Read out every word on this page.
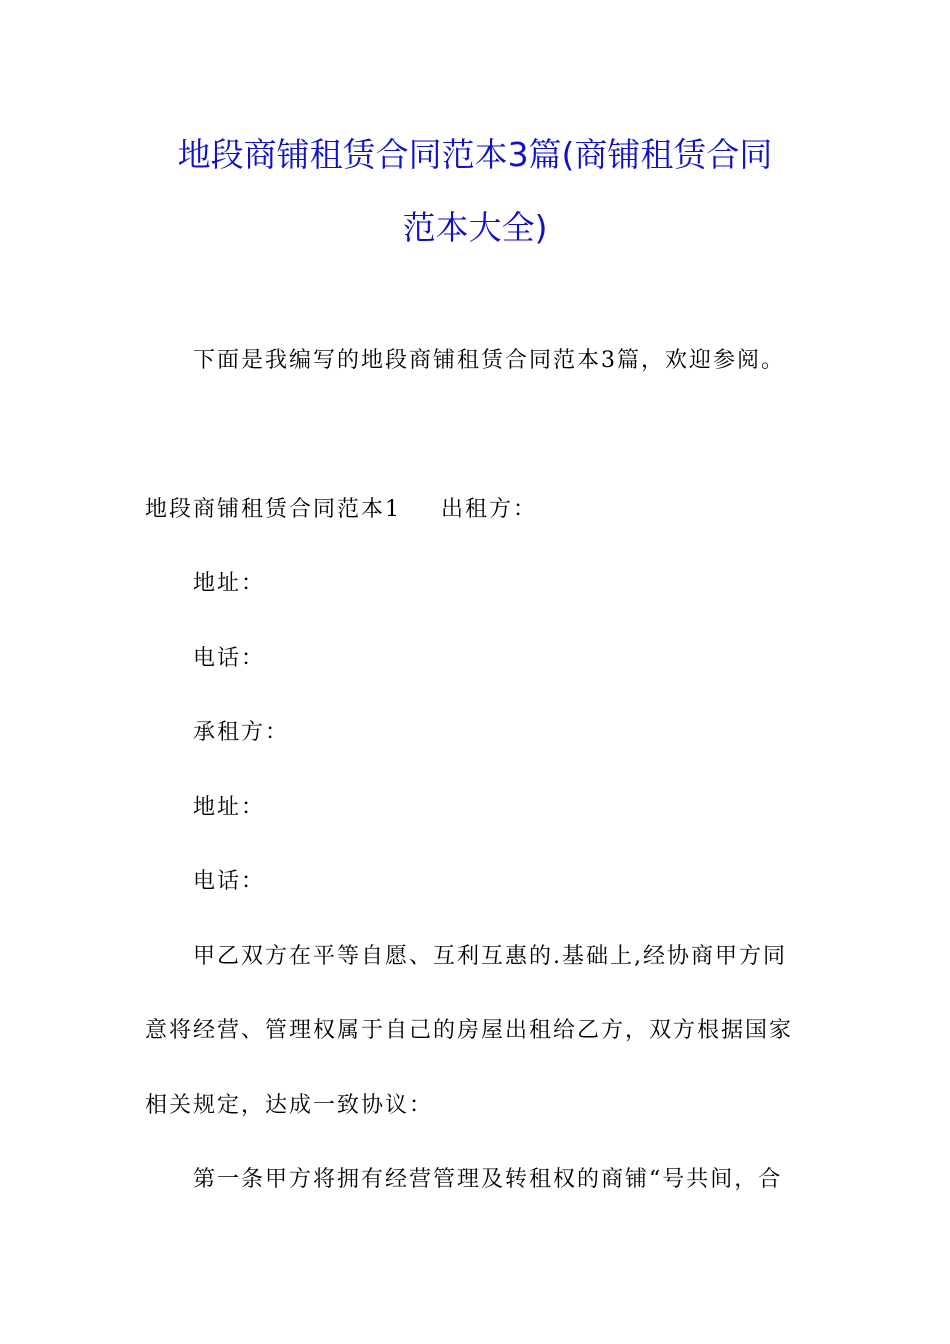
地段商铺租赁合同范本3篇(商铺租赁合同
范本大全)
下面是我编写的地段商铺租赁合同范本3篇，欢迎参阅。
地段商铺租赁合同范本1 出租方：
地址：
电话：
承租方：
地址：
电话：
甲乙双方在平等自愿、互利互惠的.基础上,经协商甲方同
意将经营、管理权属于自己的房屋出租给乙方，双方根据国家
相关规定，达成一致协议：
第一条甲方将拥有经营管理及转租权的商铺“号共间，合
